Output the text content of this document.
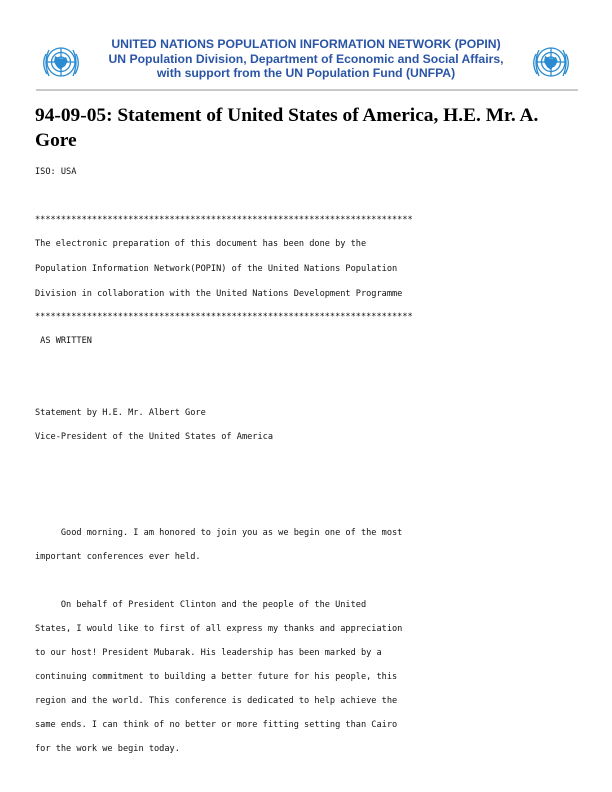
UNITED NATIONS POPULATION INFORMATION NETWORK (POPIN)
UN Population Division, Department of Economic and Social Affairs,
with support from the UN Population Fund (UNFPA)
94-09-05: Statement of United States of America, H.E. Mr. A. Gore
ISO: USA
*************************************************************************
The electronic preparation of this document has been done by the
Population Information Network(POPIN) of the United Nations Population
Division in collaboration with the United Nations Development Programme
*************************************************************************
AS WRITTEN
Statement by H.E. Mr. Albert Gore
Vice-President of the United States of America
Good morning. I am honored to join you as we begin one of the most
important conferences ever held.
On behalf of President Clinton and the people of the United
States, I would like to first of all express my thanks and appreciation
to our host! President Mubarak. His leadership has been marked by a
continuing commitment to building a better future for his people, this
region and the world. This conference is dedicated to help achieve the
same ends. I can think of no better or more fitting setting than Cairo
for the work we begin today.
